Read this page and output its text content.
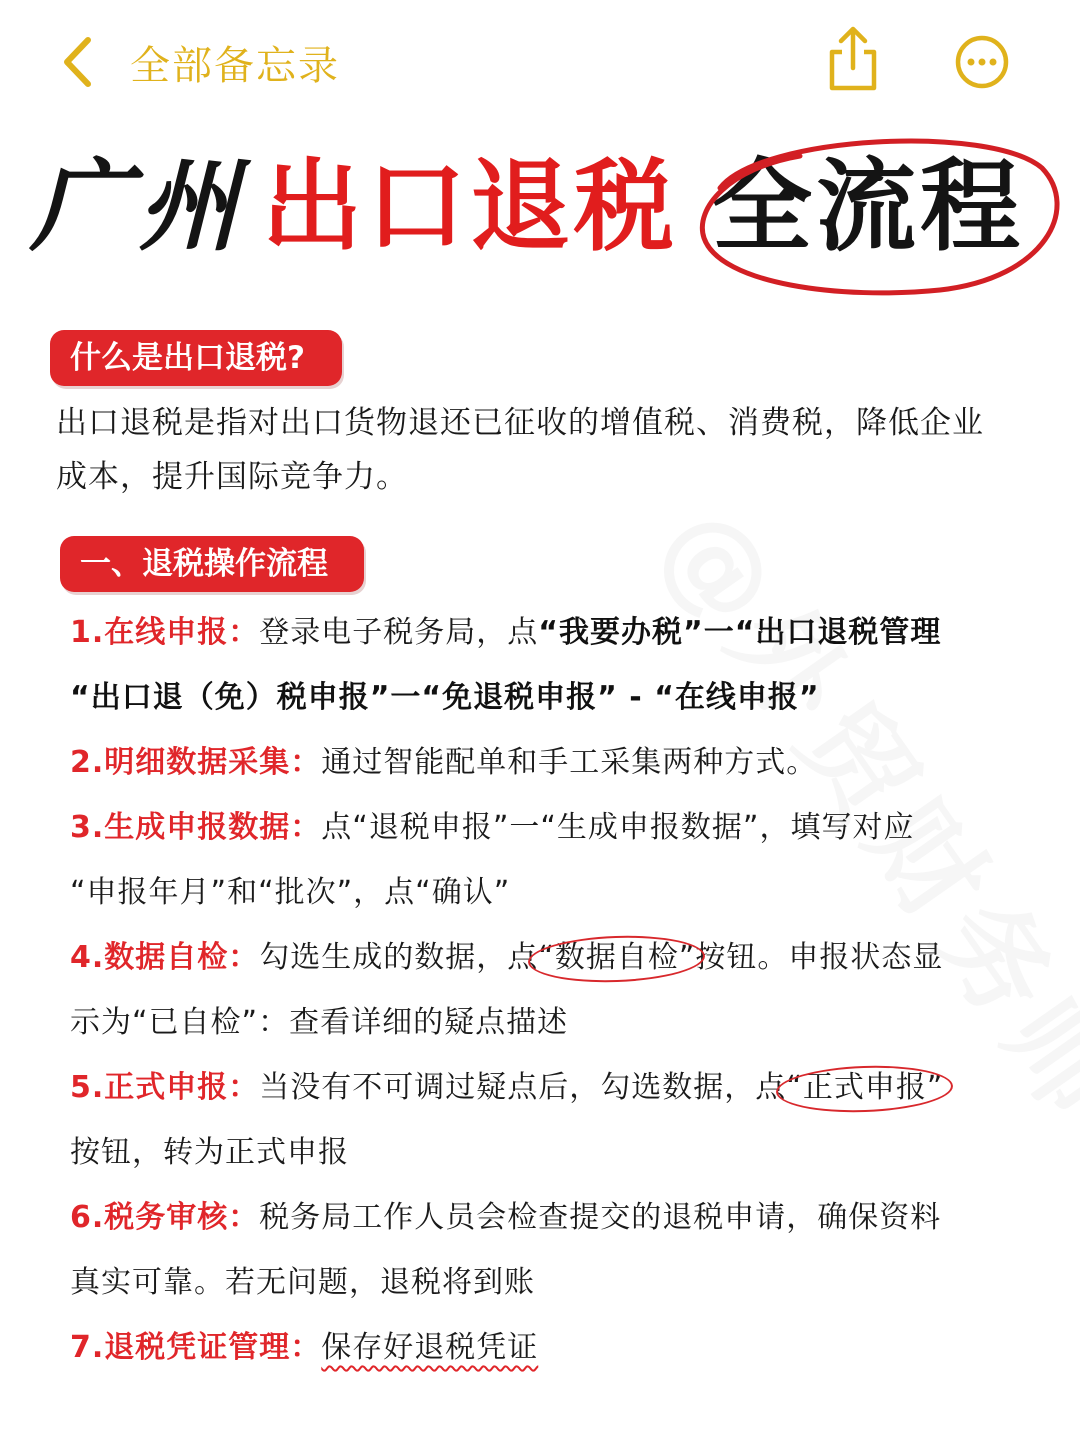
全部备忘录
广州 出口退税 全流程
什么是出口退税?
出口退税是指对出口货物退还已征收的增值税、消费税，降低企业成本，提升国际竞争力。
一、退税操作流程
1.在线申报：登录电子税务局，点“我要办税”一“出口退税管理
“出口退（免）税申报”一“免退税申报” - “在线申报”
2.明细数据采集：通过智能配单和手工采集两种方式。
3.生成申报数据：点“退税申报”一“生成申报数据”，填写对应
“申报年月”和“批次”，点“确认”
4.数据自检：勾选生成的数据，点“数据自检”按钮。申报状态显
示为“已自检”：查看详细的疑点描述
5.正式申报：当没有不可调过疑点后，勾选数据，点“正式申报”
按钮，转为正式申报
6.税务审核：税务局工作人员会检查提交的退税申请，确保资料
真实可靠。若无问题，退税将到账
7.退税凭证管理：保存好退税凭证
